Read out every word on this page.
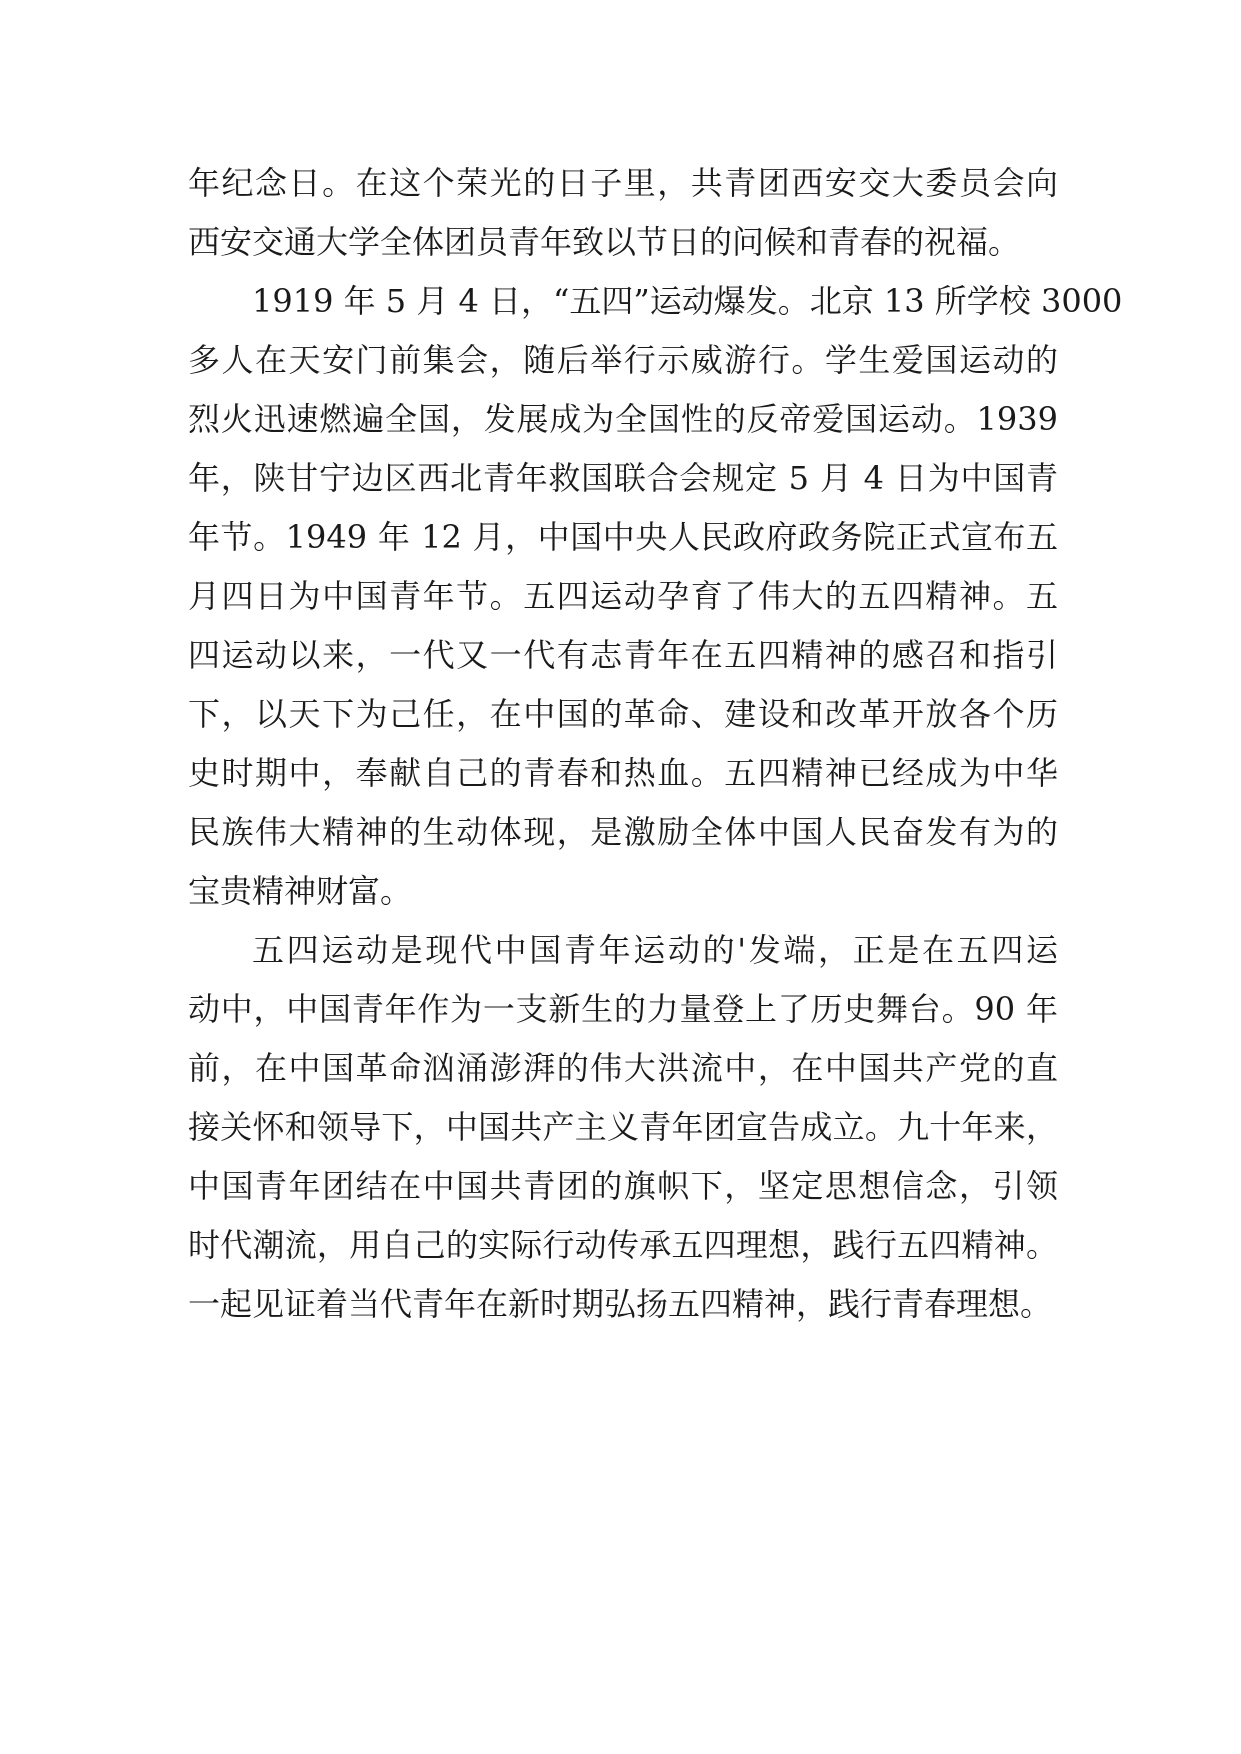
年纪念日。在这个荣光的日子里，共青团西安交大委员会向
西安交通大学全体团员青年致以节日的问候和青春的祝福。
1919 年 5 月 4 日，“五四”运动爆发。北京 13 所学校 3000
多人在天安门前集会，随后举行示威游行。学生爱国运动的
烈火迅速燃遍全国，发展成为全国性的反帝爱国运动。1939
年，陕甘宁边区西北青年救国联合会规定 5 月 4 日为中国青
年节。1949 年 12 月，中国中央人民政府政务院正式宣布五
月四日为中国青年节。五四运动孕育了伟大的五四精神。五
四运动以来，一代又一代有志青年在五四精神的感召和指引
下，以天下为己任，在中国的革命、建设和改革开放各个历
史时期中，奉献自己的青春和热血。五四精神已经成为中华
民族伟大精神的生动体现，是激励全体中国人民奋发有为的
宝贵精神财富。
五四运动是现代中国青年运动的'发端，正是在五四运
动中，中国青年作为一支新生的力量登上了历史舞台。90 年
前，在中国革命汹涌澎湃的伟大洪流中，在中国共产党的直
接关怀和领导下，中国共产主义青年团宣告成立。九十年来，
中国青年团结在中国共青团的旗帜下，坚定思想信念，引领
时代潮流，用自己的实际行动传承五四理想，践行五四精神。
一起见证着当代青年在新时期弘扬五四精神，践行青春理想。
